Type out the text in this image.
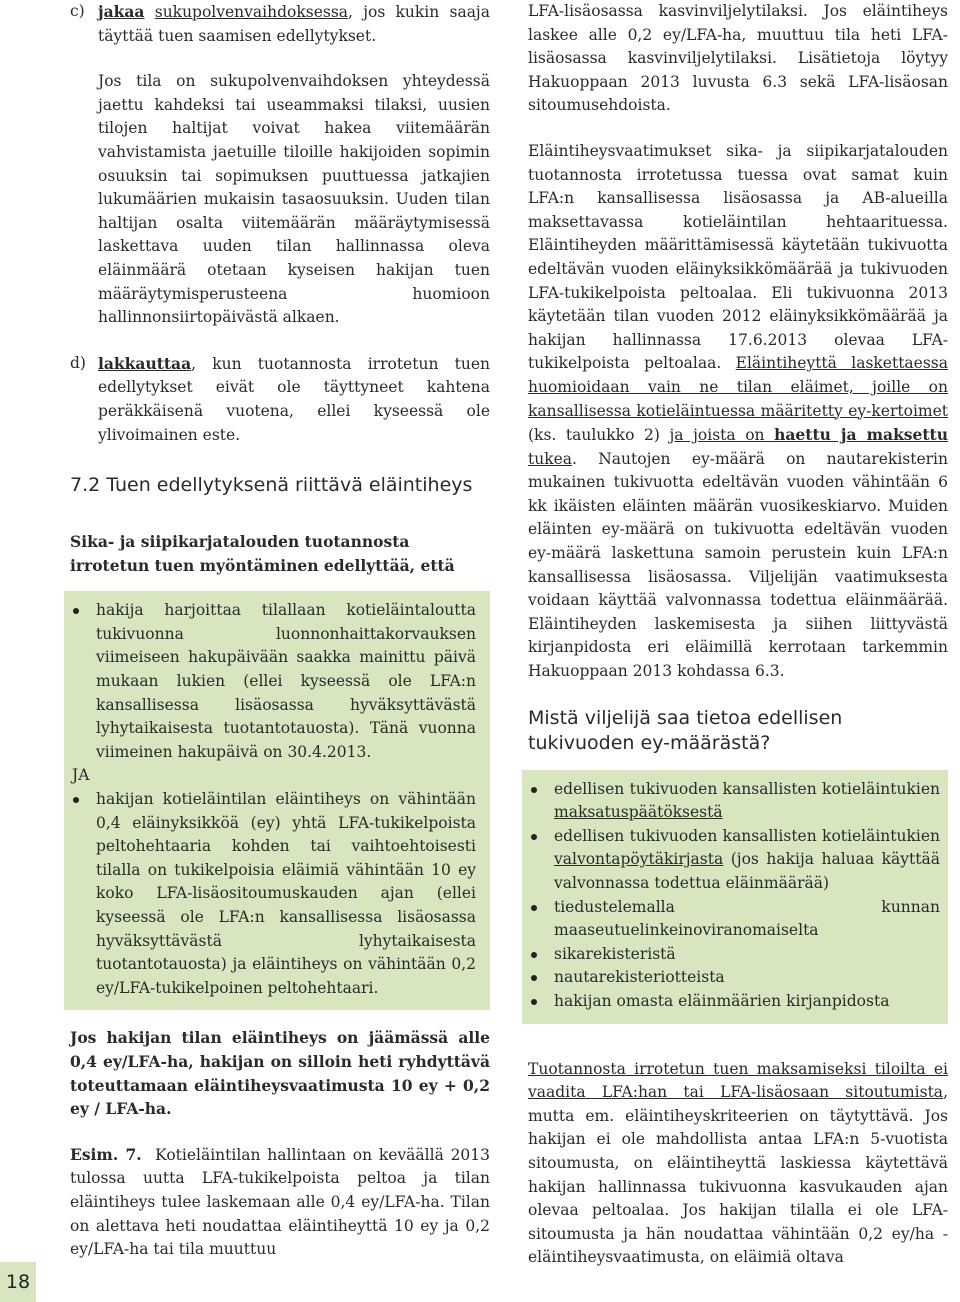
c) jakaa sukupolvenvaihdoksessa, jos kukin saaja täyttää tuen saamisen edellytykset.

Jos tila on sukupolvenvaihdoksen yhteydessä jaettu kahdeksi tai useammaksi tilaksi, uusien tilojen haltijat voivat hakea viitemäärän vahvistamista jaetuille tiloille hakijoiden sopimin osuuksin tai sopimuksen puuttuessa jatkajien lukumäärien mukaisin tasaosuuksin. Uuden tilan haltijan osalta viitemäärän määräytymisessä laskettava uuden tilan hallinnassa oleva eläinmäärä otetaan kyseisen hakijan tuen määräytymisperusteena huomioon hallinnonsiirtopäivästä alkaen.

d) lakkauttaa, kun tuotannosta irrotetun tuen edellytykset eivät ole täyttyneet kahtena peräkkäisenä vuotena, ellei kyseessä ole ylivoimainen este.
7.2 Tuen edellytyksenä riittävä eläintiheys
Sika- ja siipikarjatalouden tuotannosta irrotetun tuen myöntäminen edellyttää, että

hakija harjoittaa tilallaan kotieläintaloutta tukivuonna luonnonhaittakorvauksen viimeiseen hakupäivään saakka mainittu päivä mukaan lukien (ellei kyseessä ole LFA:n kansallisessa lisäosassa hyväksyttävästä lyhytaikaisesta tuotantotauosta). Tänä vuonna viimeinen hakupäivä on 30.4.2013.

JA

hakijan kotieläintilan eläintiheys on vähintään 0,4 eläinyksikköä (ey) yhtä LFA-tukikelpoista peltohehtaaria kohden tai vaihtoehtoisesti tilalla on tukikelpoisia eläimiä vähintään 10 ey koko LFA-lisäositoumuskauden ajan (ellei kyseessä ole LFA:n kansallisessa lisäosassa hyväksyttävästä lyhytaikaisesta tuotantotauosta) ja eläintiheys on vähintään 0,2 ey/LFA-tukikelpoinen peltohehtaari.

Jos hakijan tilan eläintiheys on jäämässä alle 0,4 ey/LFA-ha, hakijan on silloin heti ryhdyttävä toteuttamaan eläintiheysvaatimusta 10 ey + 0,2 ey / LFA-ha.

Esim. 7. Kotieläintilan hallintaan on keväällä 2013 tulossa uutta LFA-tukikelpoista peltoa ja tilan eläintiheys tulee laskemaan alle 0,4 ey/LFA-ha. Tilan on alettava heti noudattaa eläintiheyttä 10 ey ja 0,2 ey/LFA-ha tai tila muuttuu

LFA-lisäosassa kasvinviljelytilaksi. Jos eläintiheys laskee alle 0,2 ey/LFA-ha, muuttuu tila heti LFA-lisäosassa kasvinviljelytilaksi. Lisätietoja löytyy Hakuoppaan 2013 luvusta 6.3 sekä LFA-lisäosan sitoumusehdoista.

Eläintiheysvaatimukset sika- ja siipikarjatalouden tuotannosta irrotetussa tuessa ovat samat kuin LFA:n kansallisessa lisäosassa ja AB-alueilla maksettavassa kotieläintilan hehtaarituessa. Eläintiheyden määrittämisessä käytetään tukivuotta edeltävän vuoden eläinyksikkömäärää ja tukivuoden LFA-tukikelpoista peltoalaa. Eli tukivuonna 2013 käytetään tilan vuoden 2012 eläinyksikkömäärää ja hakijan hallinnassa 17.6.2013 olevaa LFA-tukikelpoista peltoalaa. Eläintiheyttä laskettaessa huomioidaan vain ne tilan eläimet, joille on kansallisessa kotieläintuessa määritetty ey-kertoimet (ks. taulukko 2) ja joista on haettu ja maksettu tukea. Nautojen ey-määrä on nautarekisterin mukainen tukivuotta edeltävän vuoden vähintään 6 kk ikäisten eläinten määrän vuosikeskiarvo. Muiden eläinten ey-määrä on tukivuotta edeltävän vuoden ey-määrä laskettuna samoin perustein kuin LFA:n kansallisessa lisäosassa. Viljelijän vaatimuksesta voidaan käyttää valvonnassa todettua eläinmäärää. Eläintiheyden laskemisesta ja siihen liittyvästä kirjanpidosta eri eläimillä kerrotaan tarkemmin Hakuoppaan 2013 kohdassa 6.3.

Mistä viljelijä saa tietoa edellisen tukivuoden ey-määrästä?

edellisen tukivuoden kansallisten kotieläintukien maksatuspäätöksestä

edellisen tukivuoden kansallisten kotieläintukien valvontapöytäkirjasta (jos hakija haluaa käyttää valvonnassa todettua eläinmäärää)

tiedustelemalla kunnan maaseutuelinkeinoviranomaiselta

sikarekisteristä

nautarekisteriotteista

hakijan omasta eläinmäärien kirjanpidosta

Tuotannosta irrotetun tuen maksamiseksi tiloilta ei vaadita LFA:han tai LFA-lisäosaan sitoutumista, mutta em. eläintiheyskriteerien on täytyttävä. Jos hakijan ei ole mahdollista antaa LFA:n 5-vuotista sitoumusta, on eläintiheyttä laskiessa käytettävä hakijan hallinnassa tukivuonna kasvukauden ajan olevaa peltoalaa. Jos hakijan tilalla ei ole LFA-sitoumusta ja hän noudattaa vähintään 0,2 ey/ha -eläintiheysvaatimusta, on eläimiä oltava

18
